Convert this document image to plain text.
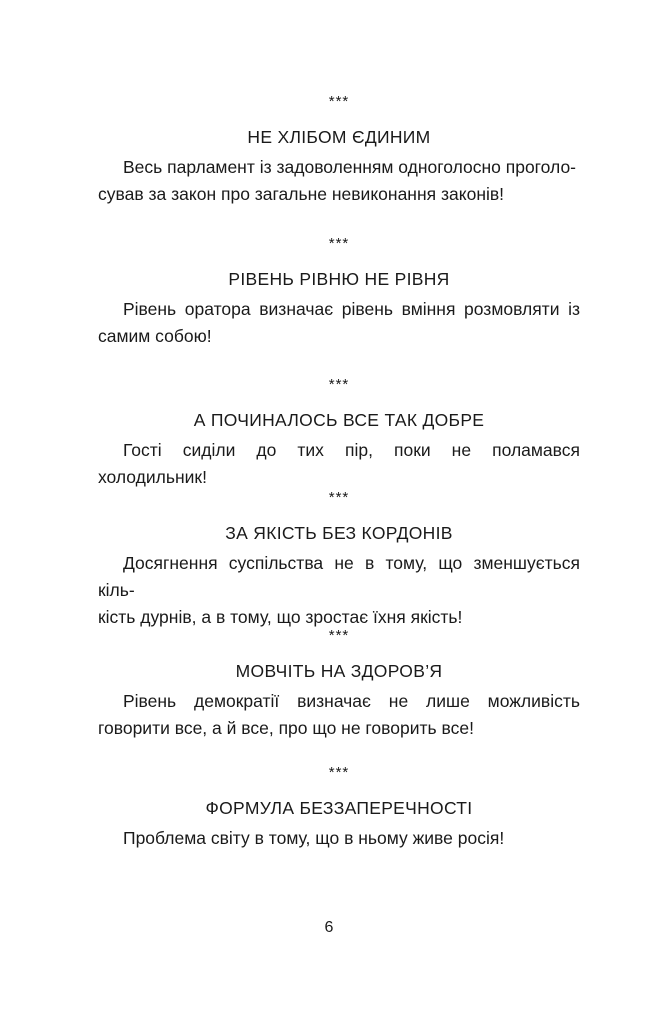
***
НЕ ХЛІБОМ ЄДИНИМ
Весь парламент із задоволенням одноголосно проголо-
сував за закон про загальне невиконання законів!
***
РІВЕНЬ РІВНЮ НЕ РІВНЯ
Рівень оратора визначає рівень вміння розмовляти із самим собою!
***
А ПОЧИНАЛОСЬ ВСЕ ТАК ДОБРЕ
Гості сиділи до тих пір, поки не поламався холодильник!
***
ЗА ЯКІСТЬ БЕЗ КОРДОНІВ
Досягнення суспільства не в тому, що зменшується кіль-
кість дурнів, а в тому, що зростає їхня якість!
***
МОВЧІТЬ НА ЗДОРОВ’Я
Рівень демократії визначає не лише можливість говорити все, а й все, про що не говорить все!
***
ФОРМУЛА БЕЗЗАПЕРЕЧНОСТІ
Проблема світу в тому, що в ньому живе росія!
6
